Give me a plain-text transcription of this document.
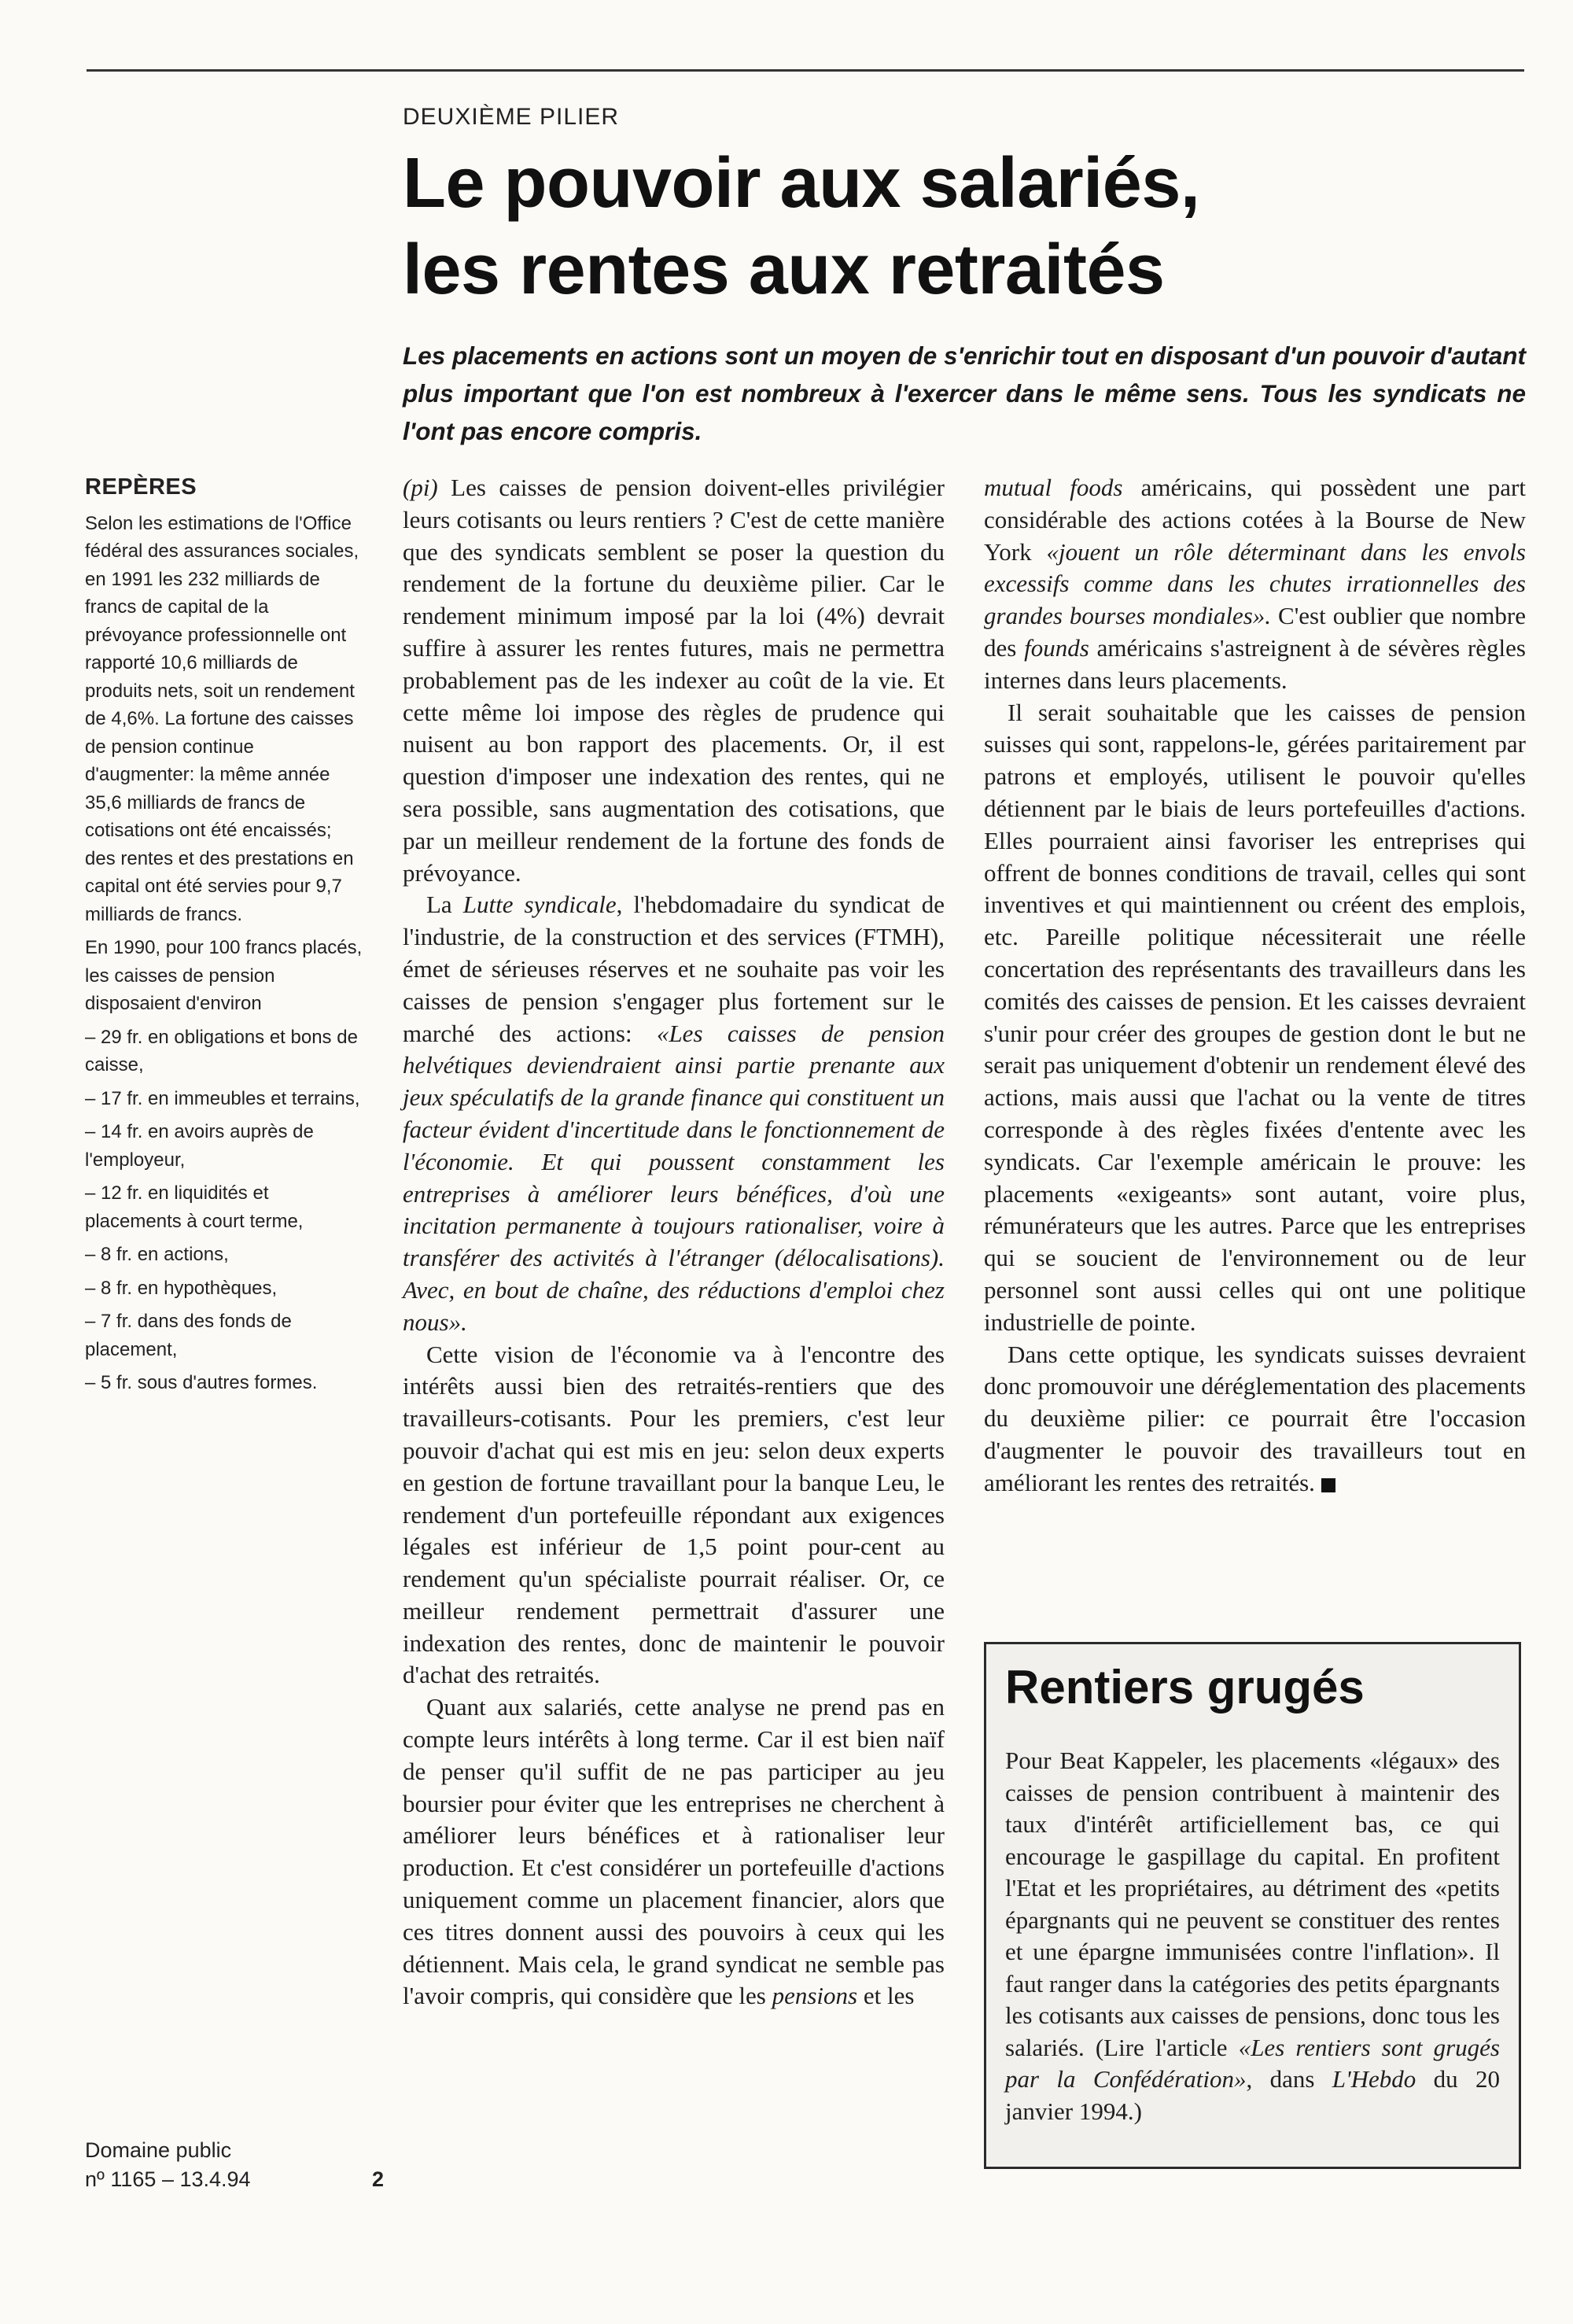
DEUXIÈME PILIER
Le pouvoir aux salariés,
les rentes aux retraités

Les placements en actions sont un moyen de s'enrichir tout en disposant d'un pouvoir d'autant plus important que l'on est nombreux à l'exercer dans le même sens. Tous les syndicats ne l'ont pas encore compris.

REPÈRES

Selon les estimations de l'Office fédéral des assurances sociales, en 1991 les 232 milliards de francs de capital de la prévoyance professionnelle ont rapporté 10,6 milliards de produits nets, soit un rendement de 4,6%. La fortune des caisses de pension continue d'augmenter: la même année 35,6 milliards de francs de cotisations ont été encaissés; des rentes et des prestations en capital ont été servies pour 9,7 milliards de francs.

En 1990, pour 100 francs placés, les caisses de pension disposaient d'environ

– 29 fr. en obligations et bons de caisse,

– 17 fr. en immeubles et terrains,

– 14 fr. en avoirs auprès de l'employeur,

– 12 fr. en liquidités et placements à court terme,

– 8 fr. en actions,

– 8 fr. en hypothèques,

– 7 fr. dans des fonds de placement,

– 5 fr. sous d'autres formes.

Domaine public
nº 1165 – 13.4.94	2

(pi) Les caisses de pension doivent-elles privilégier leurs cotisants ou leurs rentiers ? C'est de cette manière que des syndicats semblent se poser la question du rendement de la fortune du deuxième pilier. Car le rendement minimum imposé par la loi (4%) devrait suffire à assurer les rentes futures, mais ne permettra probablement pas de les indexer au coût de la vie. Et cette même loi impose des règles de prudence qui nuisent au bon rapport des placements. Or, il est question d'imposer une indexation des rentes, qui ne sera possible, sans augmentation des cotisations, que par un meilleur rendement de la fortune des fonds de prévoyance.

La Lutte syndicale, l'hebdomadaire du syndicat de l'industrie, de la construction et des services (FTMH), émet de sérieuses réserves et ne souhaite pas voir les caisses de pension s'engager plus fortement sur le marché des actions: «Les caisses de pension helvétiques deviendraient ainsi partie prenante aux jeux spéculatifs de la grande finance qui constituent un facteur évident d'incertitude dans le fonctionnement de l'économie. Et qui poussent constamment les entreprises à améliorer leurs bénéfices, d'où une incitation permanente à toujours rationaliser, voire à transférer des activités à l'étranger (délocalisations). Avec, en bout de chaîne, des réductions d'emploi chez nous».

Cette vision de l'économie va à l'encontre des intérêts aussi bien des retraités-rentiers que des travailleurs-cotisants. Pour les premiers, c'est leur pouvoir d'achat qui est mis en jeu: selon deux experts en gestion de fortune travaillant pour la banque Leu, le rendement d'un portefeuille répondant aux exigences légales est inférieur de 1,5 point pour-cent au rendement qu'un spécialiste pourrait réaliser. Or, ce meilleur rendement permettrait d'assurer une indexation des rentes, donc de maintenir le pouvoir d'achat des retraités.

Quant aux salariés, cette analyse ne prend pas en compte leurs intérêts à long terme. Car il est bien naïf de penser qu'il suffit de ne pas participer au jeu boursier pour éviter que les entreprises ne cherchent à améliorer leurs bénéfices et à rationaliser leur production. Et c'est considérer un portefeuille d'actions uniquement comme un placement financier, alors que ces titres donnent aussi des pouvoirs à ceux qui les détiennent. Mais cela, le grand syndicat ne semble pas l'avoir compris, qui considère que les pensions et les

mutual foods américains, qui possèdent une part considérable des actions cotées à la Bourse de New York «jouent un rôle déterminant dans les envols excessifs comme dans les chutes irrationnelles des grandes bourses mondiales». C'est oublier que nombre des founds américains s'astreignent à de sévères règles internes dans leurs placements.

Il serait souhaitable que les caisses de pension suisses qui sont, rappelons-le, gérées paritairement par patrons et employés, utilisent le pouvoir qu'elles détiennent par le biais de leurs portefeuilles d'actions. Elles pourraient ainsi favoriser les entreprises qui offrent de bonnes conditions de travail, celles qui sont inventives et qui maintiennent ou créent des emplois, etc. Pareille politique nécessiterait une réelle concertation des représentants des travailleurs dans les comités des caisses de pension. Et les caisses devraient s'unir pour créer des groupes de gestion dont le but ne serait pas uniquement d'obtenir un rendement élevé des actions, mais aussi que l'achat ou la vente de titres corresponde à des règles fixées d'entente avec les syndicats. Car l'exemple américain le prouve: les placements «exigeants» sont autant, voire plus, rémunérateurs que les autres. Parce que les entreprises qui se soucient de l'environnement ou de leur personnel sont aussi celles qui ont une politique industrielle de pointe.

Dans cette optique, les syndicats suisses devraient donc promouvoir une déréglementation des placements du deuxième pilier: ce pourrait être l'occasion d'augmenter le pouvoir des travailleurs tout en améliorant les rentes des retraités.

Rentiers grugés

Pour Beat Kappeler, les placements «légaux» des caisses de pension contribuent à maintenir des taux d'intérêt artificiellement bas, ce qui encourage le gaspillage du capital. En profitent l'Etat et les propriétaires, au détriment des «petits épargnants qui ne peuvent se constituer des rentes et une épargne immunisées contre l'inflation». Il faut ranger dans la catégories des petits épargnants les cotisants aux caisses de pensions, donc tous les salariés. (Lire l'article «Les rentiers sont grugés par la Confédération», dans L'Hebdo du 20 janvier 1994.)
